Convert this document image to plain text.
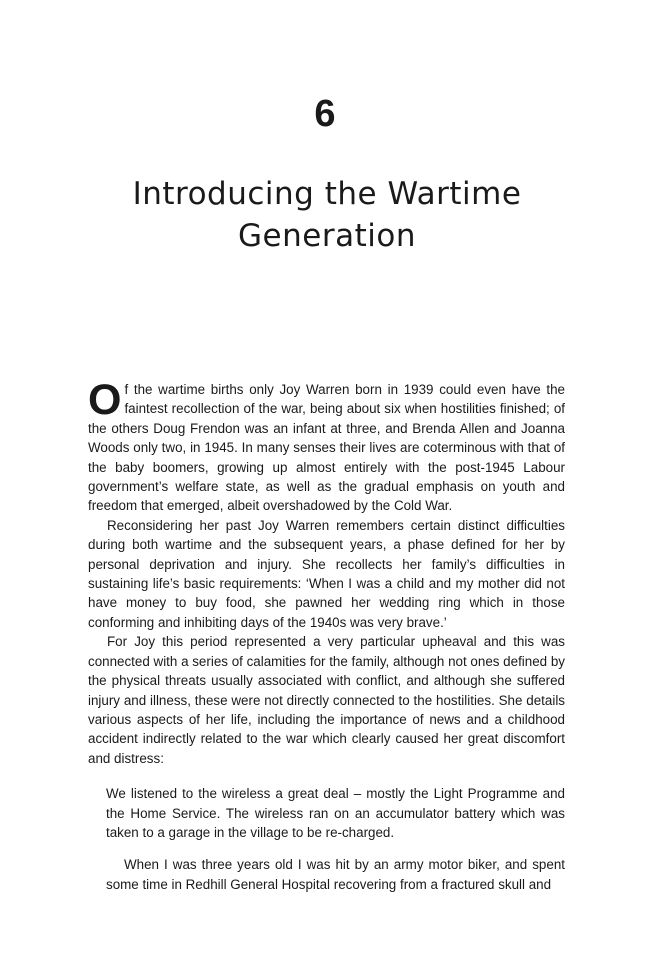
6
Introducing the Wartime Generation

Of the wartime births only Joy Warren born in 1939 could even have the faintest recollection of the war, being about six when hostilities finished; of the others Doug Frendon was an infant at three, and Brenda Allen and Joanna Woods only two, in 1945. In many senses their lives are coterminous with that of the baby boomers, growing up almost entirely with the post-1945 Labour government’s welfare state, as well as the gradual emphasis on youth and freedom that emerged, albeit overshadowed by the Cold War.

Reconsidering her past Joy Warren remembers certain distinct difficulties during both wartime and the subsequent years, a phase defined for her by personal deprivation and injury. She recollects her family’s difficulties in sustaining life’s basic requirements: ‘When I was a child and my mother did not have money to buy food, she pawned her wedding ring which in those conforming and inhibiting days of the 1940s was very brave.’

For Joy this period represented a very particular upheaval and this was connected with a series of calamities for the family, although not ones defined by the physical threats usually associated with conflict, and although she suffered injury and illness, these were not directly connected to the hostilities. She details various aspects of her life, including the importance of news and a childhood accident indirectly related to the war which clearly caused her great discomfort and distress:

We listened to the wireless a great deal – mostly the Light Programme and the Home Service. The wireless ran on an accumulator battery which was taken to a garage in the village to be re-charged.

When I was three years old I was hit by an army motor biker, and spent some time in Redhill General Hospital recovering from a fractured skull and
